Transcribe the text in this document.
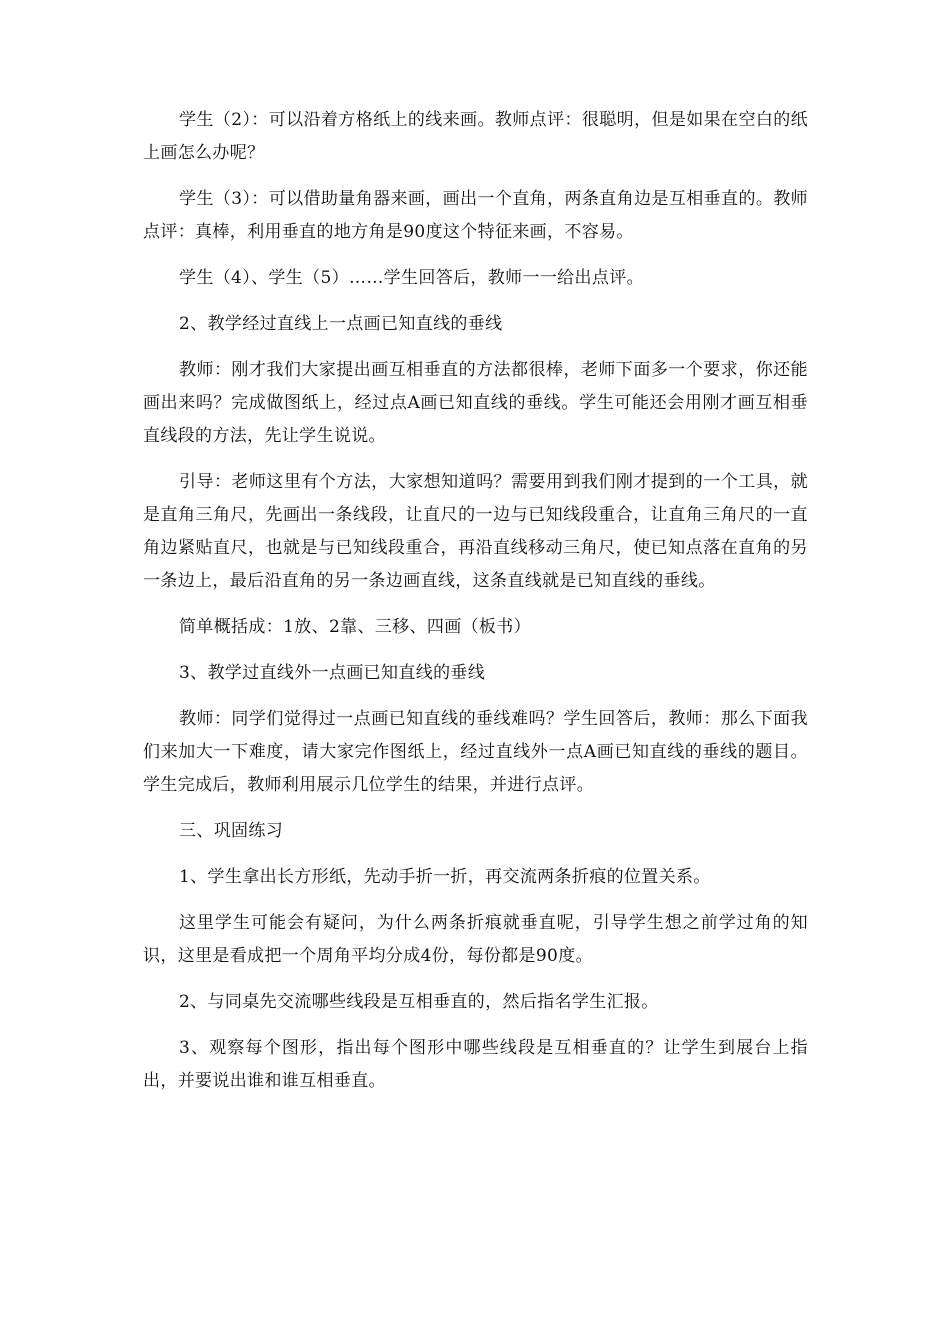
学生（2）：可以沿着方格纸上的线来画。教师点评：很聪明，但是如果在空白的纸上画怎么办呢？

学生（3）：可以借助量角器来画，画出一个直角，两条直角边是互相垂直的。教师点评：真棒，利用垂直的地方角是90度这个特征来画，不容易。

学生（4）、学生（5）……学生回答后，教师一一给出点评。

2、教学经过直线上一点画已知直线的垂线

教师：刚才我们大家提出画互相垂直的方法都很棒，老师下面多一个要求，你还能画出来吗？完成做图纸上，经过点A画已知直线的垂线。学生可能还会用刚才画互相垂直线段的方法，先让学生说说。

引导：老师这里有个方法，大家想知道吗？需要用到我们刚才提到的一个工具，就是直角三角尺，先画出一条线段，让直尺的一边与已知线段重合，让直角三角尺的一直角边紧贴直尺，也就是与已知线段重合，再沿直线移动三角尺，使已知点落在直角的另一条边上，最后沿直角的另一条边画直线，这条直线就是已知直线的垂线。

简单概括成：1放、2靠、三移、四画（板书）

3、教学过直线外一点画已知直线的垂线

教师：同学们觉得过一点画已知直线的垂线难吗？学生回答后，教师：那么下面我们来加大一下难度，请大家完作图纸上，经过直线外一点A画已知直线的垂线的题目。学生完成后，教师利用展示几位学生的结果，并进行点评。

三、巩固练习

1、学生拿出长方形纸，先动手折一折，再交流两条折痕的位置关系。

这里学生可能会有疑问，为什么两条折痕就垂直呢，引导学生想之前学过角的知识，这里是看成把一个周角平均分成4份，每份都是90度。

2、与同桌先交流哪些线段是互相垂直的，然后指名学生汇报。

3、观察每个图形，指出每个图形中哪些线段是互相垂直的？让学生到展台上指出，并要说出谁和谁互相垂直。
